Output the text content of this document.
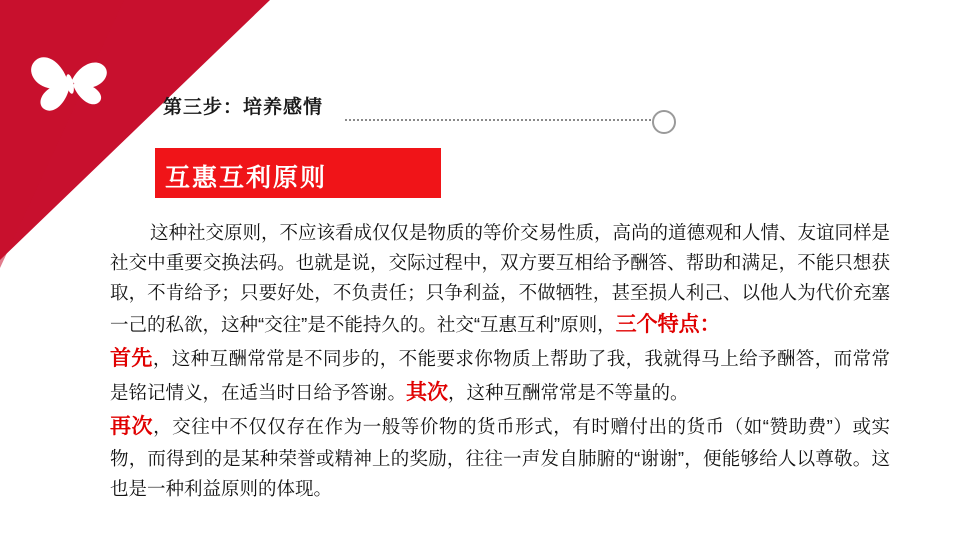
第三步：培养感情
互惠互利原则

这种社交原则，不应该看成仅仅是物质的等价交易性质，高尚的道德观和人情、友谊同样是社交中重要交换法码。也就是说，交际过程中，双方要互相给予酬答、帮助和满足，不能只想获取，不肯给予；只要好处，不负责任；只争利益，不做牺牲，甚至损人利己、以他人为代价充塞一己的私欲，这种“交往”是不能持久的。社交“互惠互利”原则，三个特点：

首先，这种互酬常常是不同步的，不能要求你物质上帮助了我，我就得马上给予酬答，而常常是铭记情义，在适当时日给予答谢。其次，这种互酬常常是不等量的。

再次，交往中不仅仅存在作为一般等价物的货币形式，有时赠付出的货币（如“赞助费”）或实物，而得到的是某种荣誉或精神上的奖励，往往一声发自肺腑的“谢谢”，便能够给人以尊敬。这也是一种利益原则的体现。
